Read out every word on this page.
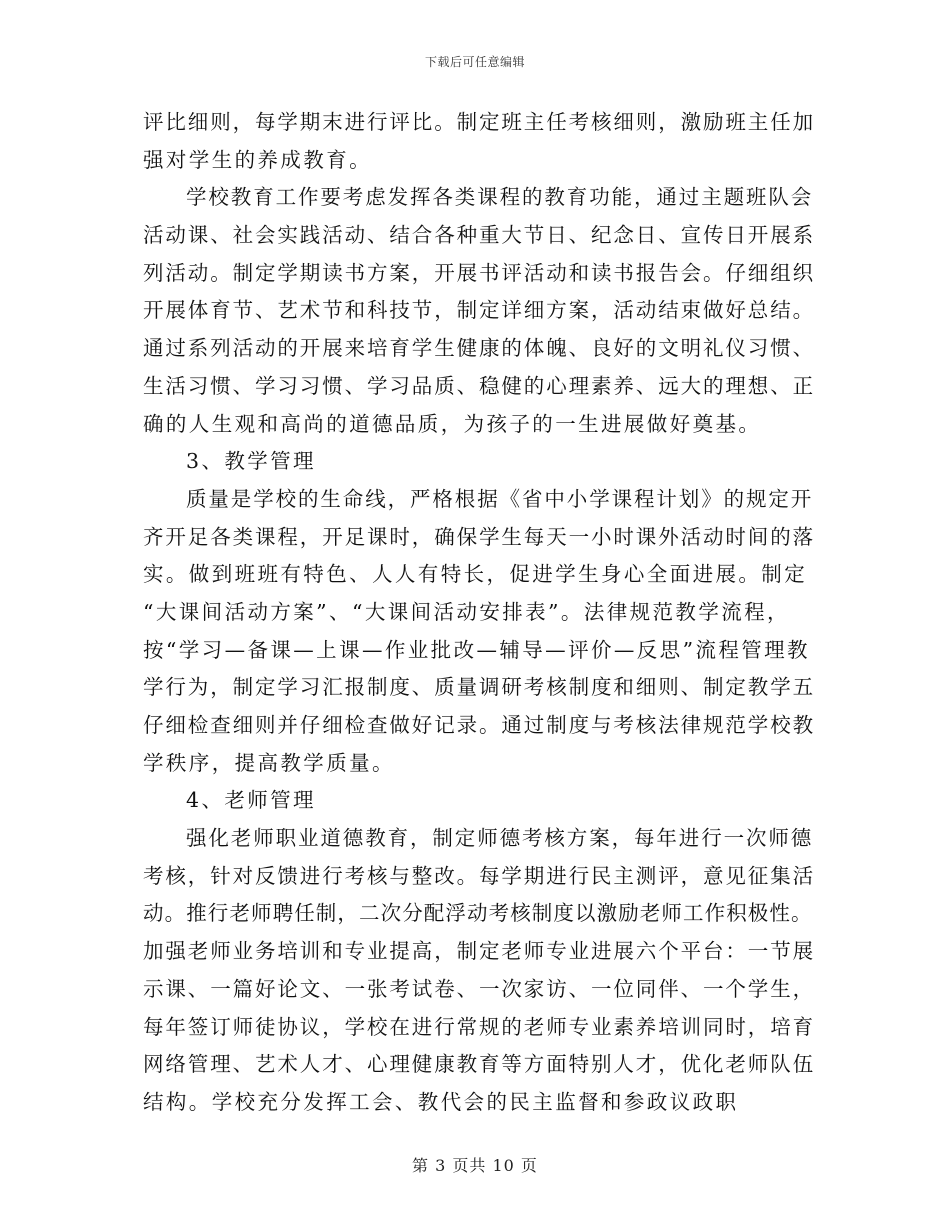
下载后可任意编辑
评比细则，每学期末进行评比。制定班主任考核细则，激励班主任加
强对学生的养成教育。
学校教育工作要考虑发挥各类课程的教育功能，通过主题班队会
活动课、社会实践活动、结合各种重大节日、纪念日、宣传日开展系
列活动。制定学期读书方案，开展书评活动和读书报告会。仔细组织
开展体育节、艺术节和科技节，制定详细方案，活动结束做好总结。
通过系列活动的开展来培育学生健康的体魄、良好的文明礼仪习惯、
生活习惯、学习习惯、学习品质、稳健的心理素养、远大的理想、正
确的人生观和高尚的道德品质，为孩子的一生进展做好奠基。
3、教学管理
质量是学校的生命线，严格根据《省中小学课程计划》的规定开
齐开足各类课程，开足课时，确保学生每天一小时课外活动时间的落
实。做到班班有特色、人人有特长，促进学生身心全面进展。制定
“大课间活动方案”、“大课间活动安排表”。法律规范教学流程，
按“学习—备课—上课—作业批改—辅导—评价—反思”流程管理教
学行为，制定学习汇报制度、质量调研考核制度和细则、制定教学五
仔细检查细则并仔细检查做好记录。通过制度与考核法律规范学校教
学秩序，提高教学质量。
4、老师管理
强化老师职业道德教育，制定师德考核方案，每年进行一次师德
考核，针对反馈进行考核与整改。每学期进行民主测评，意见征集活
动。推行老师聘任制，二次分配浮动考核制度以激励老师工作积极性。
加强老师业务培训和专业提高，制定老师专业进展六个平台：一节展
示课、一篇好论文、一张考试卷、一次家访、一位同伴、一个学生，
每年签订师徒协议，学校在进行常规的老师专业素养培训同时，培育
网络管理、艺术人才、心理健康教育等方面特别人才，优化老师队伍
结构。学校充分发挥工会、教代会的民主监督和参政议政职
第 3 页共 10 页
